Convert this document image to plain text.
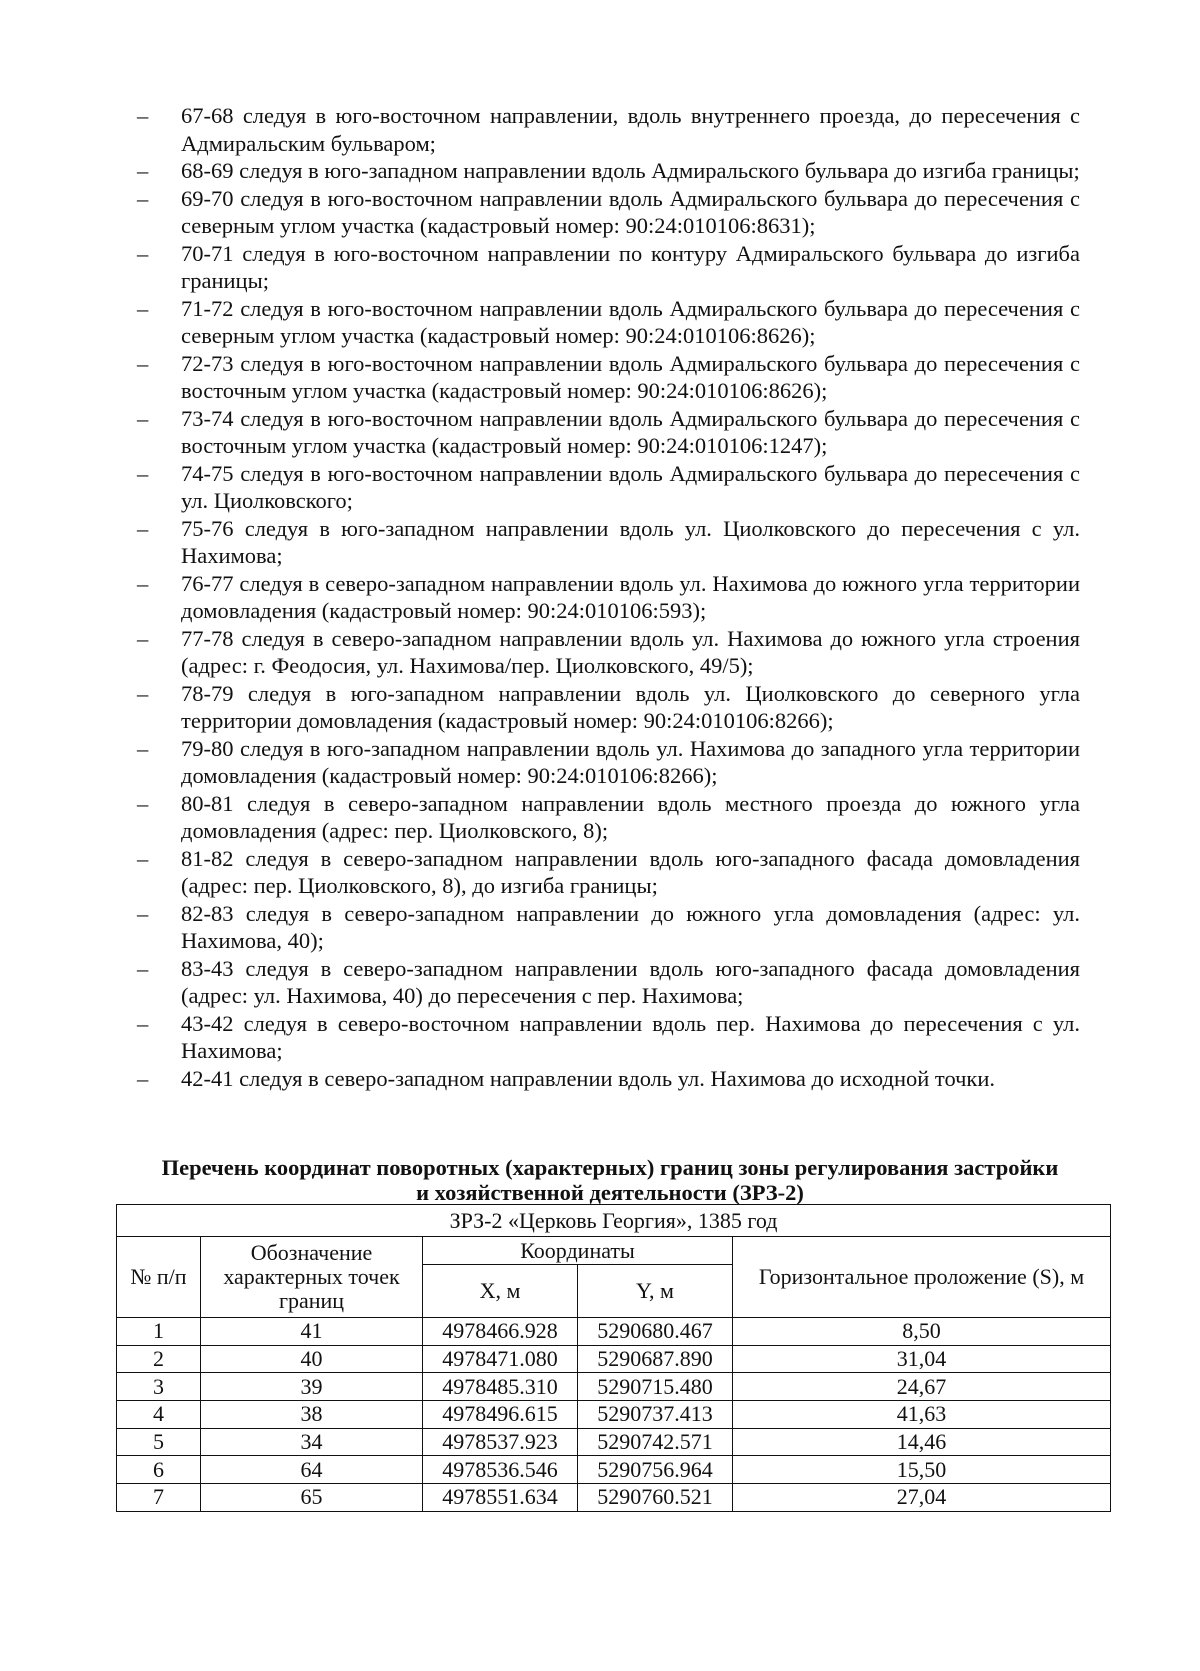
– 67-68 следуя в юго-восточном направлении, вдоль внутреннего проезда, до пересечения с Адмиральским бульваром;
– 68-69 следуя в юго-западном направлении вдоль Адмиральского бульвара до изгиба границы;
– 69-70 следуя в юго-восточном направлении вдоль Адмиральского бульвара до пересечения с северным углом участка (кадастровый номер: 90:24:010106:8631);
– 70-71 следуя в юго-восточном направлении по контуру Адмиральского бульвара до изгиба границы;
– 71-72 следуя в юго-восточном направлении вдоль Адмиральского бульвара до пересечения с северным углом участка (кадастровый номер: 90:24:010106:8626);
– 72-73 следуя в юго-восточном направлении вдоль Адмиральского бульвара до пересечения с восточным углом участка (кадастровый номер: 90:24:010106:8626);
– 73-74 следуя в юго-восточном направлении вдоль Адмиральского бульвара до пересечения с восточным углом участка (кадастровый номер: 90:24:010106:1247);
– 74-75 следуя в юго-восточном направлении вдоль Адмиральского бульвара до пересечения с ул. Циолковского;
– 75-76 следуя в юго-западном направлении вдоль ул. Циолковского до пересечения с ул. Нахимова;
– 76-77 следуя в северо-западном направлении вдоль ул. Нахимова до южного угла территории домовладения (кадастровый номер: 90:24:010106:593);
– 77-78 следуя в северо-западном направлении вдоль ул. Нахимова до южного угла строения (адрес: г. Феодосия, ул. Нахимова/пер. Циолковского, 49/5);
– 78-79 следуя в юго-западном направлении вдоль ул. Циолковского до северного угла территории домовладения (кадастровый номер: 90:24:010106:8266);
– 79-80 следуя в юго-западном направлении вдоль ул. Нахимова до западного угла территории домовладения (кадастровый номер: 90:24:010106:8266);
– 80-81 следуя в северо-западном направлении вдоль местного проезда до южного угла домовладения (адрес: пер. Циолковского, 8);
– 81-82 следуя в северо-западном направлении вдоль юго-западного фасада домовладения (адрес: пер. Циолковского, 8), до изгиба границы;
– 82-83 следуя в северо-западном направлении до южного угла домовладения (адрес: ул. Нахимова, 40);
– 83-43 следуя в северо-западном направлении вдоль юго-западного фасада домовладения (адрес: ул. Нахимова, 40) до пересечения с пер. Нахимова;
– 43-42 следуя в северо-восточном направлении вдоль пер. Нахимова до пересечения с ул. Нахимова;
– 42-41 следуя в северо-западном направлении вдоль ул. Нахимова до исходной точки.
Перечень координат поворотных (характерных) границ зоны регулирования застройки
и хозяйственной деятельности (ЗРЗ-2)
ЗРЗ-2 «Церковь Георгия», 1385 год				
№ п/п	Обозначение характерных точек границ	Координаты		Горизонтальное проложение (S), м
		X, м	Y, м	
1	41	4978466.928	5290680.467	8,50
2	40	4978471.080	5290687.890	31,04
3	39	4978485.310	5290715.480	24,67
4	38	4978496.615	5290737.413	41,63
5	34	4978537.923	5290742.571	14,46
6	64	4978536.546	5290756.964	15,50
7	65	4978551.634	5290760.521	27,04
